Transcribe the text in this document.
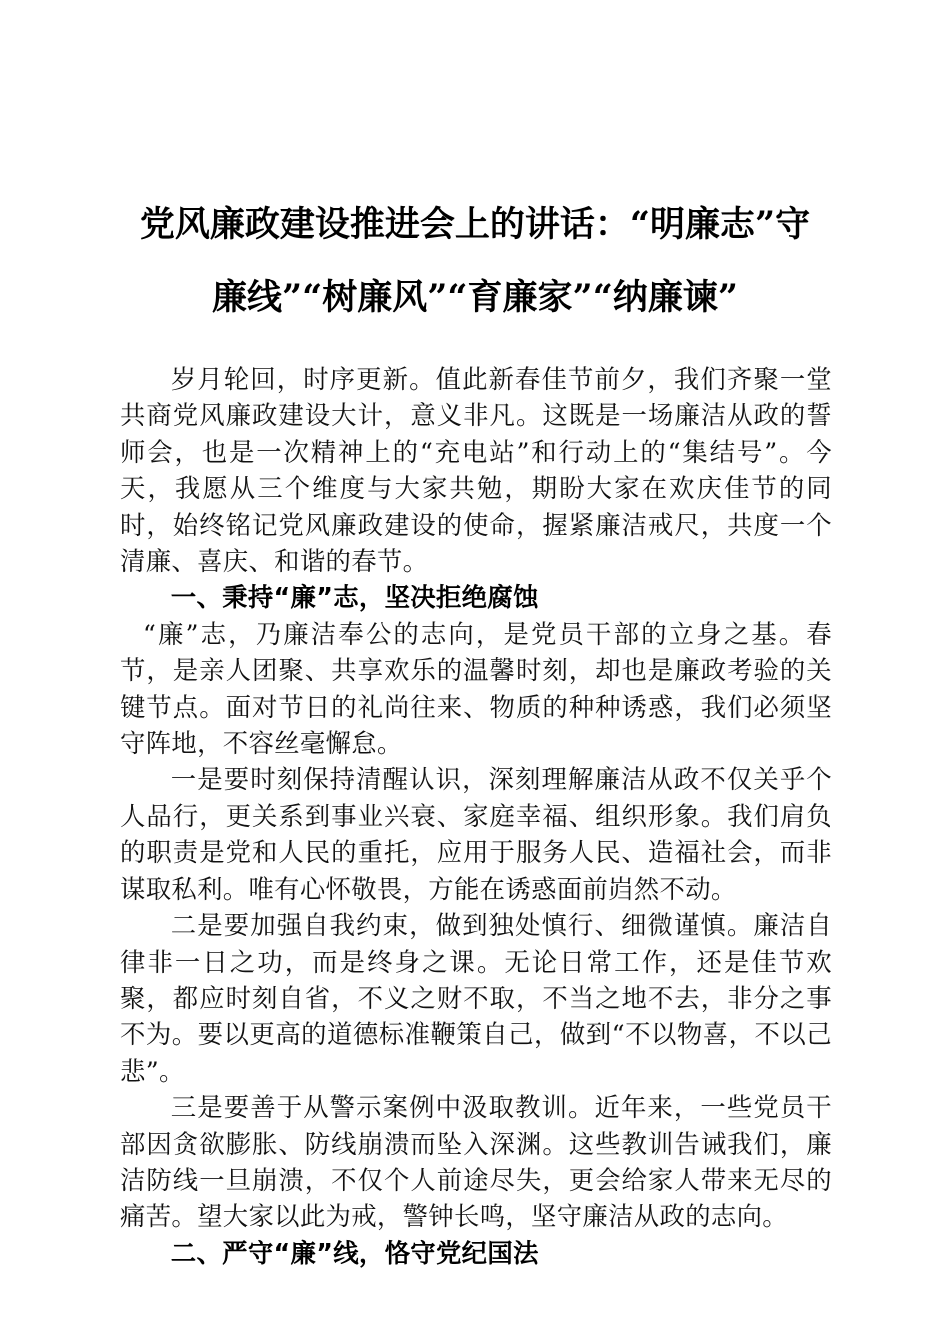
党风廉政建设推进会上的讲话：“明廉志”守
廉线”“树廉风”“育廉家”“纳廉谏”

岁月轮回，时序更新。值此新春佳节前夕，我们齐聚一堂共商党风廉政建设大计，意义非凡。这既是一场廉洁从政的誓师会，也是一次精神上的“充电站”和行动上的“集结号”。今天，我愿从三个维度与大家共勉，期盼大家在欢庆佳节的同时，始终铭记党风廉政建设的使命，握紧廉洁戒尺，共度一个清廉、喜庆、和谐的春节。

一、秉持“廉”志，坚决拒绝腐蚀

“廉”志，乃廉洁奉公的志向，是党员干部的立身之基。春节，是亲人团聚、共享欢乐的温馨时刻，却也是廉政考验的关键节点。面对节日的礼尚往来、物质的种种诱惑，我们必须坚守阵地，不容丝毫懈怠。

一是要时刻保持清醒认识，深刻理解廉洁从政不仅关乎个人品行，更关系到事业兴衰、家庭幸福、组织形象。我们肩负的职责是党和人民的重托，应用于服务人民、造福社会，而非谋取私利。唯有心怀敬畏，方能在诱惑面前岿然不动。

二是要加强自我约束，做到独处慎行、细微谨慎。廉洁自律非一日之功，而是终身之课。无论日常工作，还是佳节欢聚，都应时刻自省，不义之财不取，不当之地不去，非分之事不为。要以更高的道德标准鞭策自己，做到“不以物喜，不以己悲”。

三是要善于从警示案例中汲取教训。近年来，一些党员干部因贪欲膨胀、防线崩溃而坠入深渊。这些教训告诫我们，廉洁防线一旦崩溃，不仅个人前途尽失，更会给家人带来无尽的痛苦。望大家以此为戒，警钟长鸣，坚守廉洁从政的志向。

二、严守“廉”线，恪守党纪国法
